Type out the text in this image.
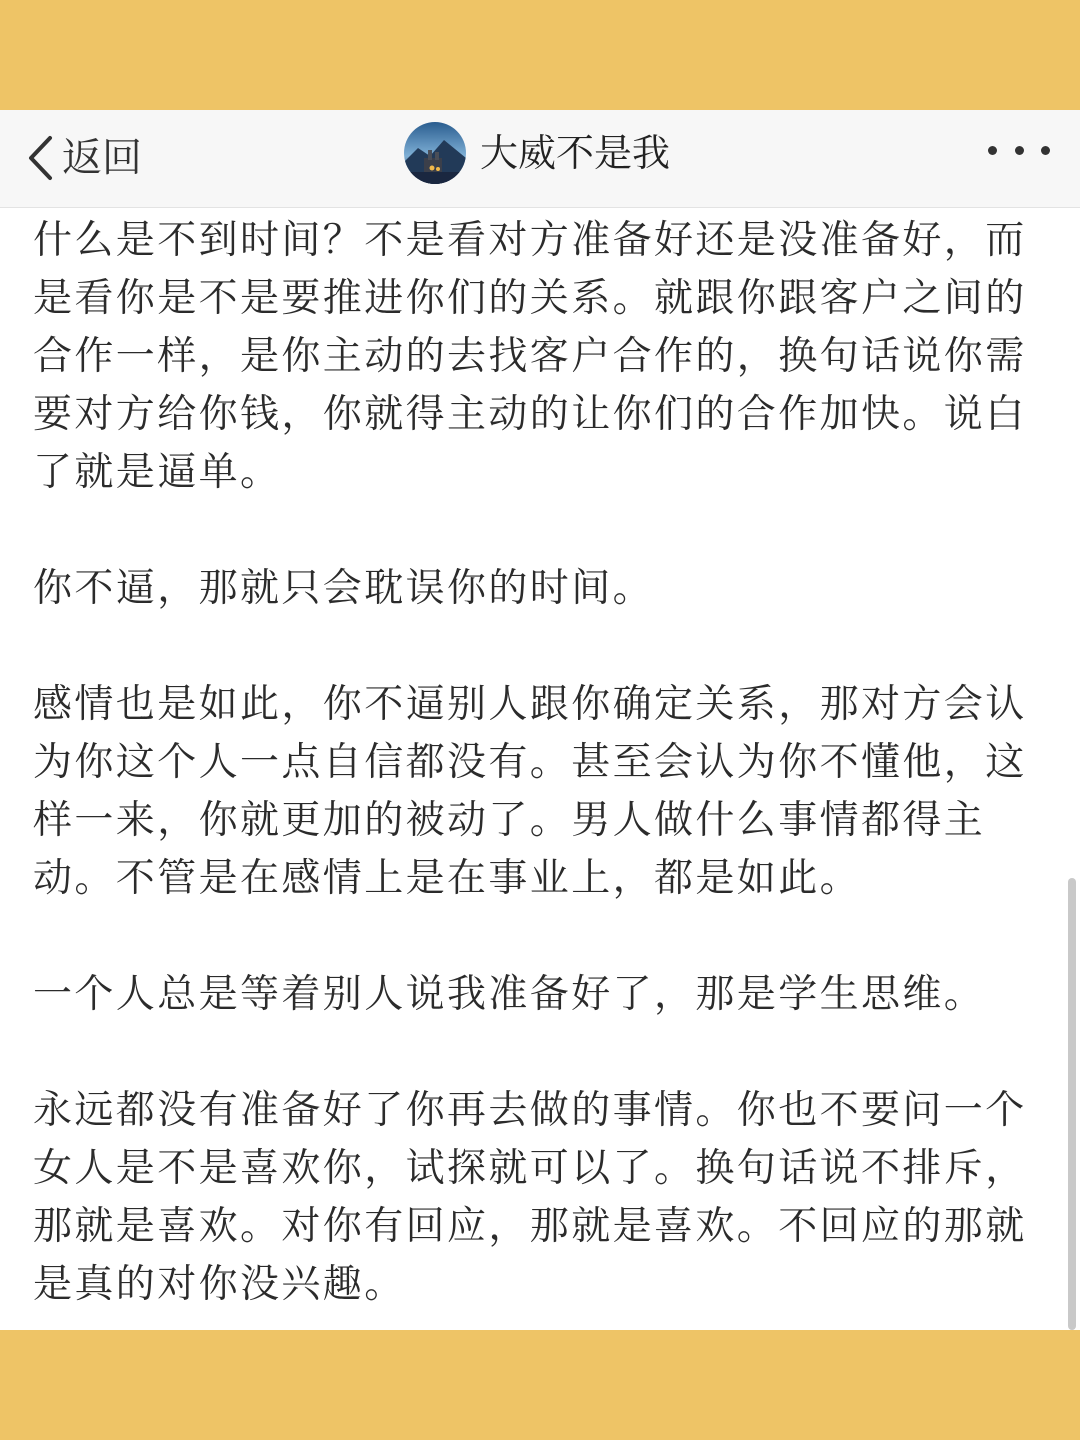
返回	大威不是我

什么是不到时间？不是看对方准备好还是没准备好，而是看你是不是要推进你们的关系。就跟你跟客户之间的合作一样，是你主动的去找客户合作的，换句话说你需要对方给你钱，你就得主动的让你们的合作加快。说白了就是逼单。

你不逼，那就只会耽误你的时间。

感情也是如此，你不逼别人跟你确定关系，那对方会认为你这个人一点自信都没有。甚至会认为你不懂他，这样一来，你就更加的被动了。男人做什么事情都得主动。不管是在感情上是在事业上，都是如此。

一个人总是等着别人说我准备好了，那是学生思维。

永远都没有准备好了你再去做的事情。你也不要问一个女人是不是喜欢你，试探就可以了。换句话说不排斥，那就是喜欢。对你有回应，那就是喜欢。不回应的那就是真的对你没兴趣。
